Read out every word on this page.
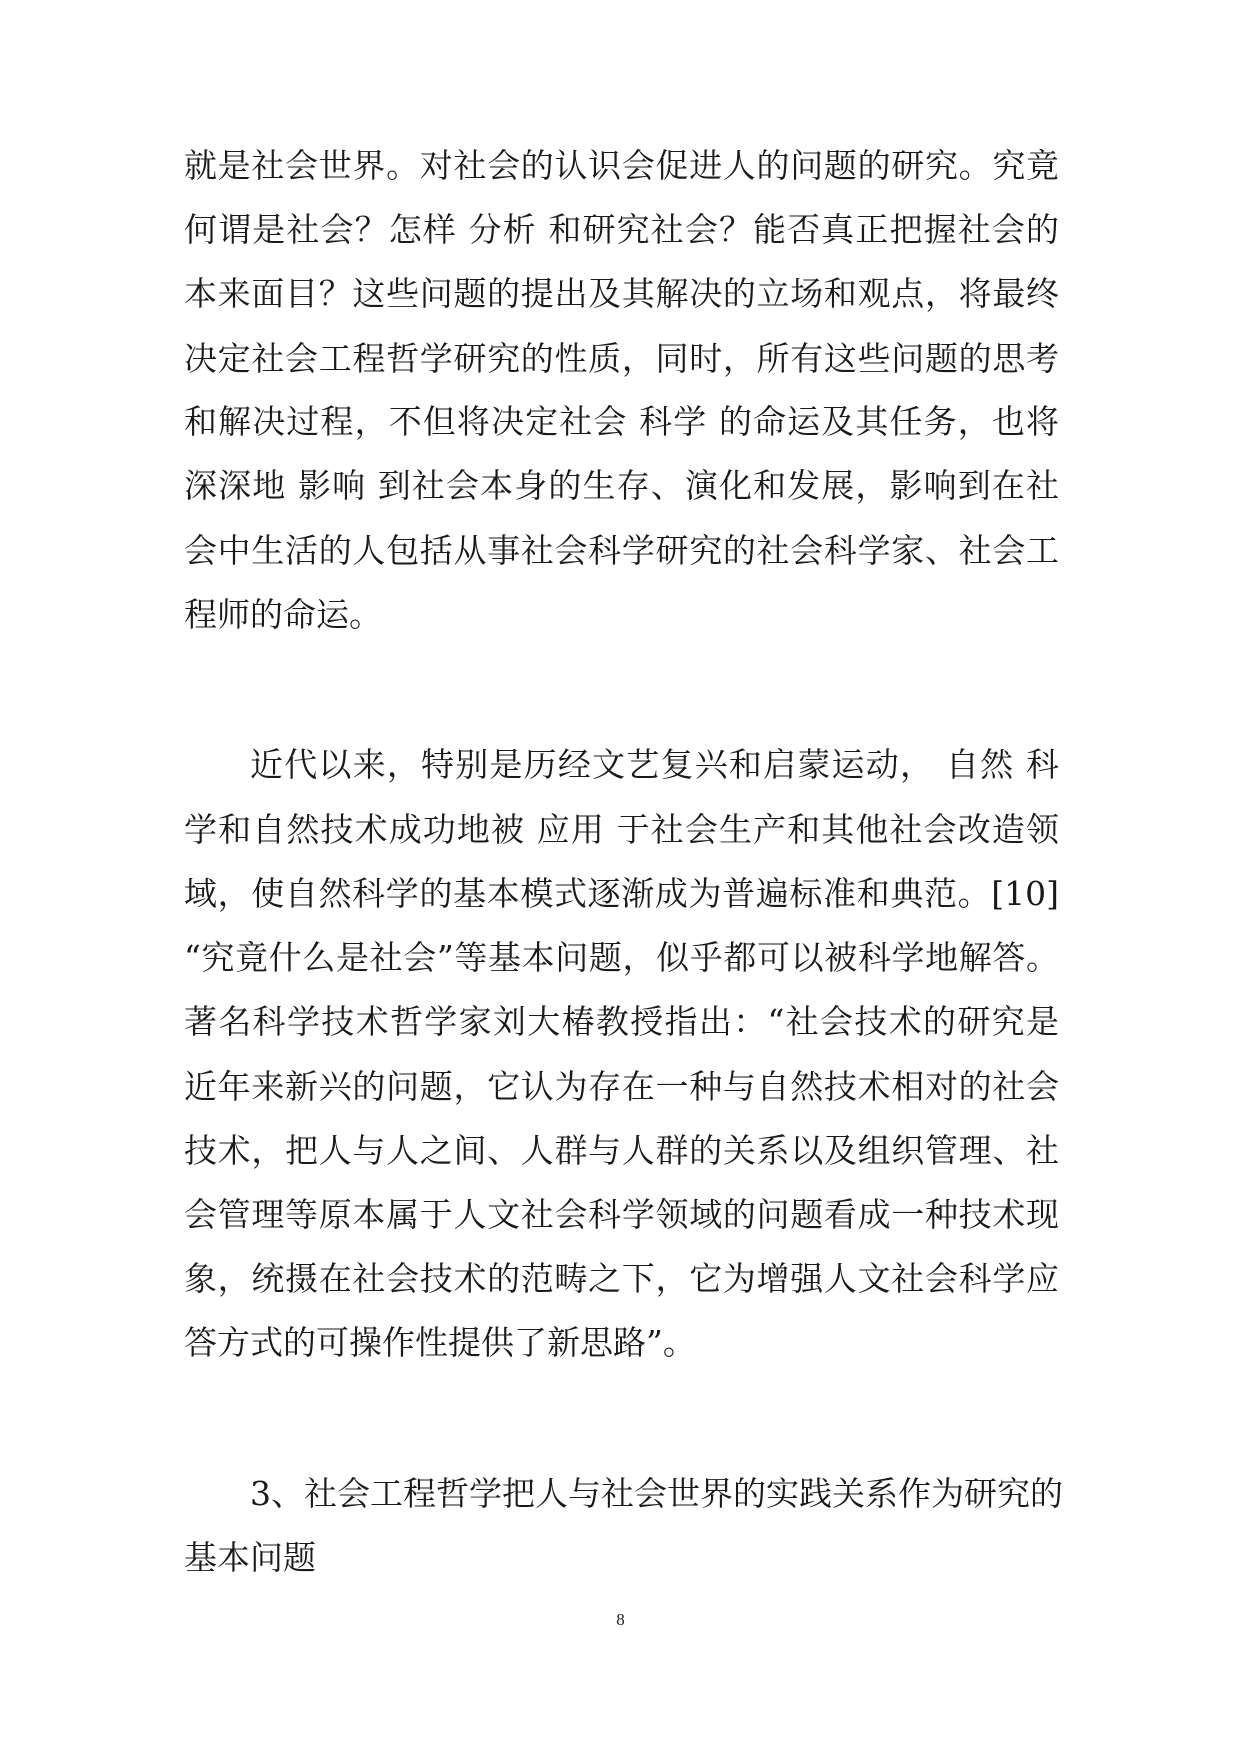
就是社会世界。对社会的认识会促进人的问题的研究。究竟
何谓是社会？怎样 分析 和研究社会？能否真正把握社会的
本来面目？这些问题的提出及其解决的立场和观点，将最终
决定社会工程哲学研究的性质，同时，所有这些问题的思考
和解决过程，不但将决定社会 科学 的命运及其任务，也将
深深地 影响 到社会本身的生存、演化和发展，影响到在社
会中生活的人包括从事社会科学研究的社会科学家、社会工
程师的命运。
近代以来，特别是历经文艺复兴和启蒙运动， 自然 科
学和自然技术成功地被 应用 于社会生产和其他社会改造领
域，使自然科学的基本模式逐渐成为普遍标准和典范。[10]
“究竟什么是社会”等基本问题，似乎都可以被科学地解答。
著名科学技术哲学家刘大椿教授指出：“社会技术的研究是
近年来新兴的问题，它认为存在一种与自然技术相对的社会
技术，把人与人之间、人群与人群的关系以及组织管理、社
会管理等原本属于人文社会科学领域的问题看成一种技术现
象，统摄在社会技术的范畴之下，它为增强人文社会科学应
答方式的可操作性提供了新思路”。
3、社会工程哲学把人与社会世界的实践关系作为研究的
基本问题
8
